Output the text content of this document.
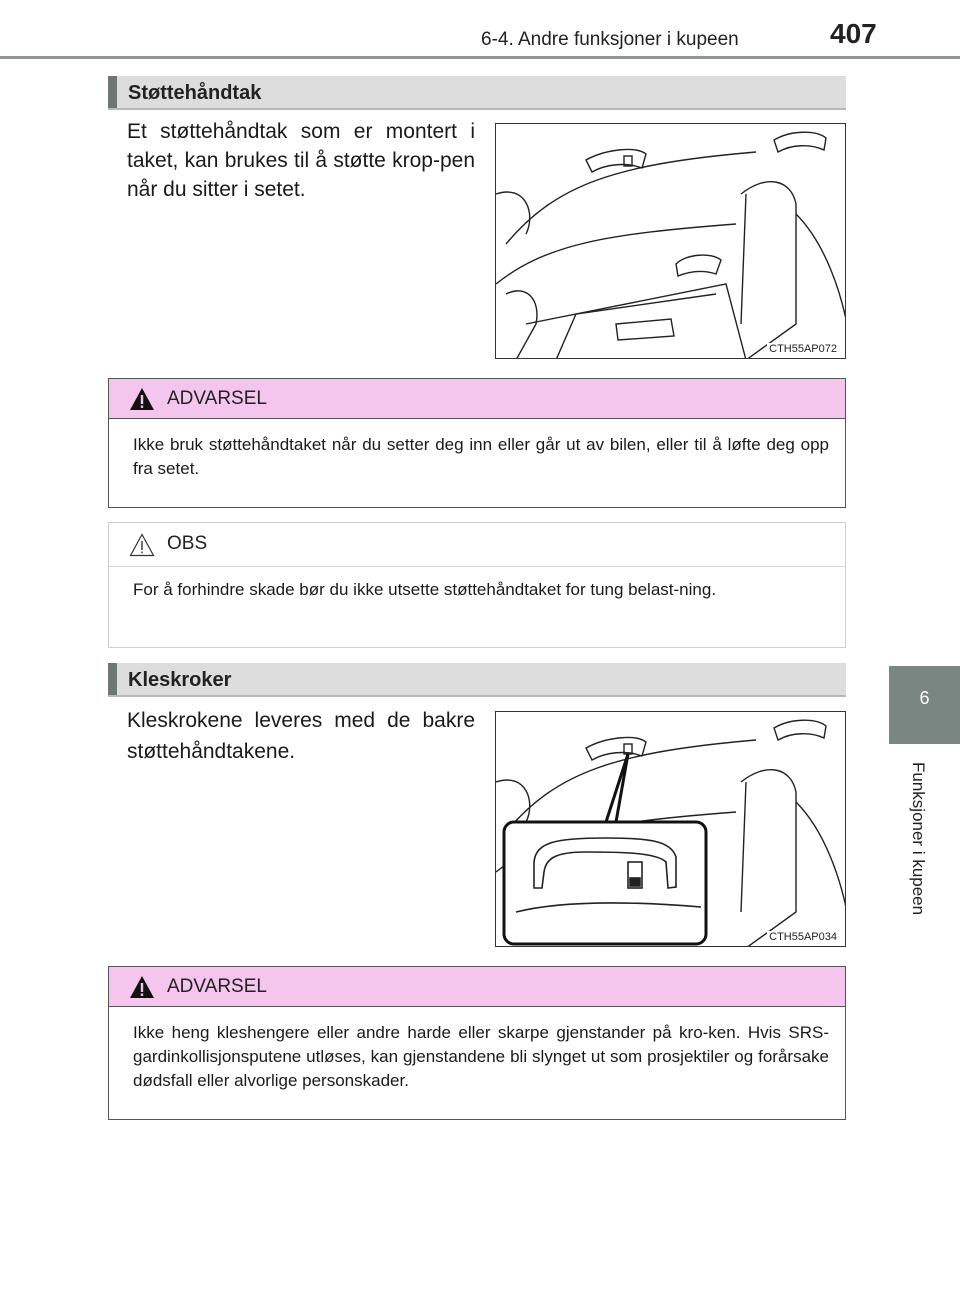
6-4. Andre funksjoner i kupeen	407
6
Funksjoner i kupeen
Støttehåndtak
Et støttehåndtak som er montert i taket, kan brukes til å støtte krop-pen når du sitter i setet.
CTH55AP072
ADVARSEL
Ikke bruk støttehåndtaket når du setter deg inn eller går ut av bilen, eller til å løfte deg opp fra setet.
OBS
For å forhindre skade bør du ikke utsette støttehåndtaket for tung belast-ning.
Kleskroker
Kleskrokene leveres med de bakre støttehåndtakene.
CTH55AP034
ADVARSEL
Ikke heng kleshengere eller andre harde eller skarpe gjenstander på kro-ken. Hvis SRS-gardinkollisjonsputene utløses, kan gjenstandene bli slynget ut som prosjektiler og forårsake dødsfall eller alvorlige personskader.
